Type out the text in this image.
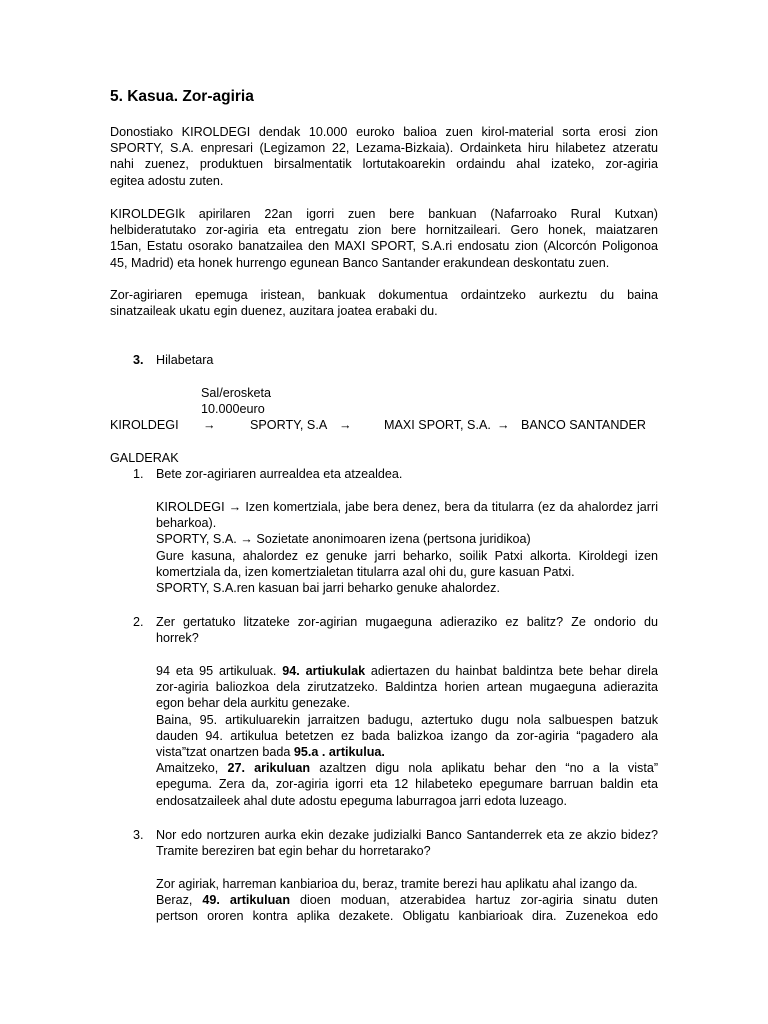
5. Kasua. Zor-agiria
Donostiako KIROLDEGI dendak 10.000 euroko balioa zuen kirol-material sorta erosi zion
SPORTY, S.A. enpresari (Legizamon 22, Lezama-Bizkaia). Ordainketa hiru hilabetez atzeratu
nahi zuenez, produktuen birsalmentatik lortutakoarekin ordaindu ahal izateko, zor-agiria
egitea adostu zuten.
KIROLDEGIk apirilaren 22an igorri zuen bere bankuan (Nafarroako Rural Kutxan)
helbideratutako zor-agiria eta entregatu zion bere hornitzaileari. Gero honek, maiatzaren
15an, Estatu osorako banatzailea den MAXI SPORT, S.A.ri endosatu zion (Alcorcón Poligonoa
45, Madrid) eta honek hurrengo egunean Banco Santander erakundean deskontatu zuen.
Zor-agiriaren epemuga iristean, bankuak dokumentua ordaintzeko aurkeztu du baina
sinatzaileak ukatu egin duenez, auzitara joatea erabaki du.
3. Hilabetara
Sal/erosketa
10.000euro
KIROLDEGI →	SPORTY, S.A →	MAXI SPORT, S.A. → BANCO SANTANDER
GALDERAK
1. Bete zor-agiriaren aurrealdea eta atzealdea.
KIROLDEGI → Izen komertziala, jabe bera denez, bera da titularra (ez da ahalordez jarri
beharkoa).
SPORTY, S.A. → Sozietate anonimoaren izena (pertsona juridikoa)
Gure kasuna, ahalordez ez genuke jarri beharko, soilik Patxi alkorta. Kiroldegi izen
komertziala da, izen komertzialetan titularra azal ohi du, gure kasuan Patxi.
SPORTY, S.A.ren kasuan bai jarri beharko genuke ahalordez.
2. Zer gertatuko litzateke zor-agirian mugaeguna adieraziko ez balitz? Ze ondorio du
horrek?
94 eta 95 artikuluak. 94. artiukulak adiertazen du hainbat baldintza bete behar direla
zor-agiria baliozkoa dela zirutzatzeko. Baldintza horien artean mugaeguna adierazita
egon behar dela aurkitu genezake.
Baina, 95. artikuluarekin jarraitzen badugu, aztertuko dugu nola salbuespen batzuk
dauden 94. artikulua betetzen ez bada balizkoa izango da zor-agiria “pagadero ala
vista”tzat onartzen bada 95.a . artikulua.
Amaitzeko, 27. arikuluan azaltzen digu nola aplikatu behar den “no a la vista”
epeguma. Zera da, zor-agiria igorri eta 12 hilabeteko epegumare barruan baldin eta
endosatzaileek ahal dute adostu epeguma laburragoa jarri edota luzeago.
3. Nor edo nortzuren aurka ekin dezake judizialki Banco Santanderrek eta ze akzio bidez?
Tramite bereziren bat egin behar du horretarako?
Zor agiriak, harreman kanbiarioa du, beraz, tramite berezi hau aplikatu ahal izango da.
Beraz, 49. artikuluan dioen moduan, atzerabidea hartuz zor-agiria sinatu duten
pertson ororen kontra aplika dezakete. Obligatu kanbiarioak dira. Zuzenekoa edo
